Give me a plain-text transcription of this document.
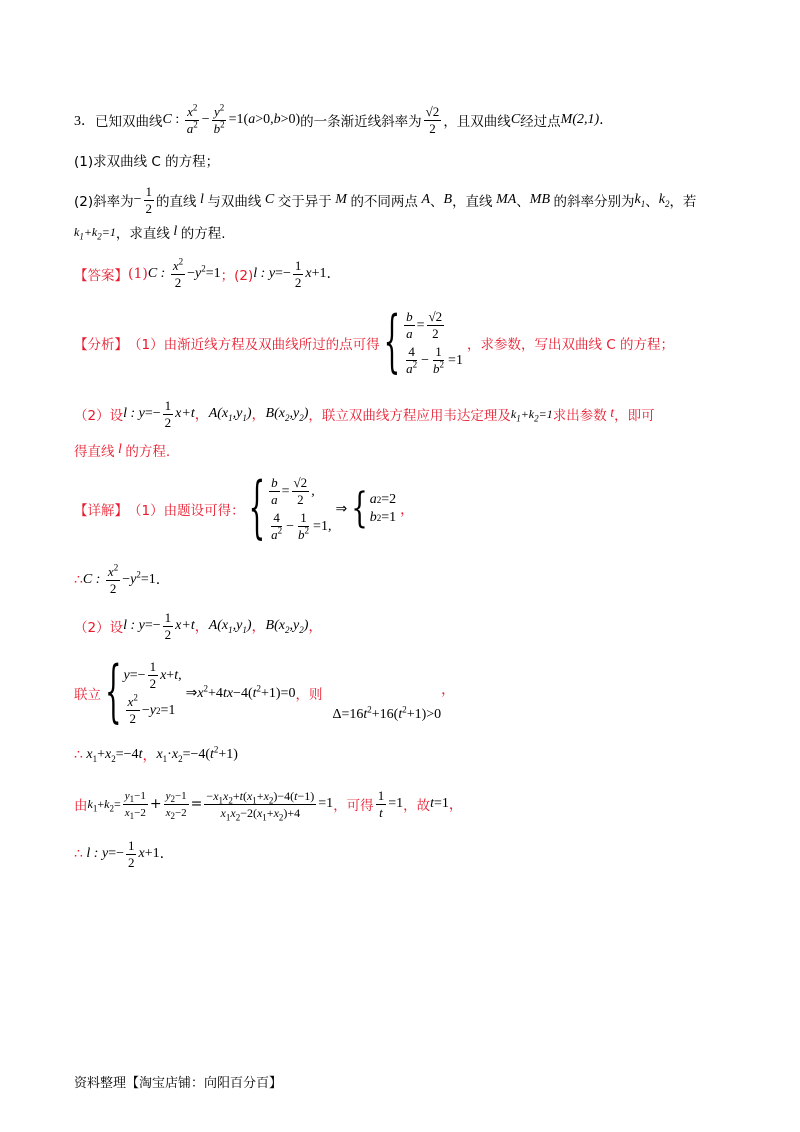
3． 已知双曲线 C : $\frac{x^2}{a^2} - \frac{y^2}{b^2} =1(a>0,b>0)$ 的一条渐近线斜率为 $\frac{√2}{2}$ ，且双曲线 C 经过点 M(2,1) .
(1)求双曲线 C 的方程；
(2)斜率为 − $\frac{1}{2}$ 的直线 l 与双曲线 C 交于异于 M 的不同两点 A 、 B ，直线 MA 、 MB 的斜率分别为 $k_1$ 、 $k_2$ ，若
$k_1+k_2=1$ ，求直线 l 的方程.
【答案】 (1) C : $\frac{x^2}{2} -y^2=1$ ；(2) l : $y =- \frac{1}{2}$ x +1 .
【分析】 （1）由渐近线方程及双曲线所过的点可得 { $\frac{b}{a} = \frac{√2}{2}$
$\frac{4}{a^2} - \frac{1}{b^2} =1$
，求参数，写出双曲线 C 的方程；
（2）设 l : $y =- \frac{1}{2} x+t$ ， $A(x_1,y_1)$ ， $B(x_2,y_2)$ ，联立双曲线方程应用韦达定理及 $k_1+k_2=1$ 求出参数 t ，即可
得直线 l 的方程.
【详解】 （1）由题设可得： { $\frac{b}{a} = \frac{√2}{2}$ ,
$\frac{4}{a^2} - \frac{1}{b^2} =1$,
⇒ { a 2 =2
b 2 =1 ，
∴ C : $\frac{x^2}{2} -y^2=1$ .
（2）设 l : $y =- \frac{1}{2} x+t$ ， $A(x_1,y_1)$ ， $B(x_2,y_2)$ ，
联立 { $y =- \frac{1}{2}$ x + t ,
$\frac{x^2}{2} - y$ 2 =1
$\Rightarrow x^2+4tx-4(t^2+1)=0$ ，则
$\Delta=16t^2+16(t^2+1)>0$
，
∴ $x_1+x_2=-4t$ ， $x_1\cdot x_2=-4(t^2+1)$
由 $k_1+k_2= \frac{y_1-1}{x_1-2} + \frac{y_2-1}{x_2-2} = \frac{-x_1x_2+t(x_1+x_2)-4(t-1)}{x_1x_2-2(x_1+x_2)+4} =1$ ，可得 $\frac{1}{t} =1$ ，故 t=1 ，
∴ l : $y =- \frac{1}{2}$ x +1 .
资料整理【淘宝店铺：向阳百分百】
